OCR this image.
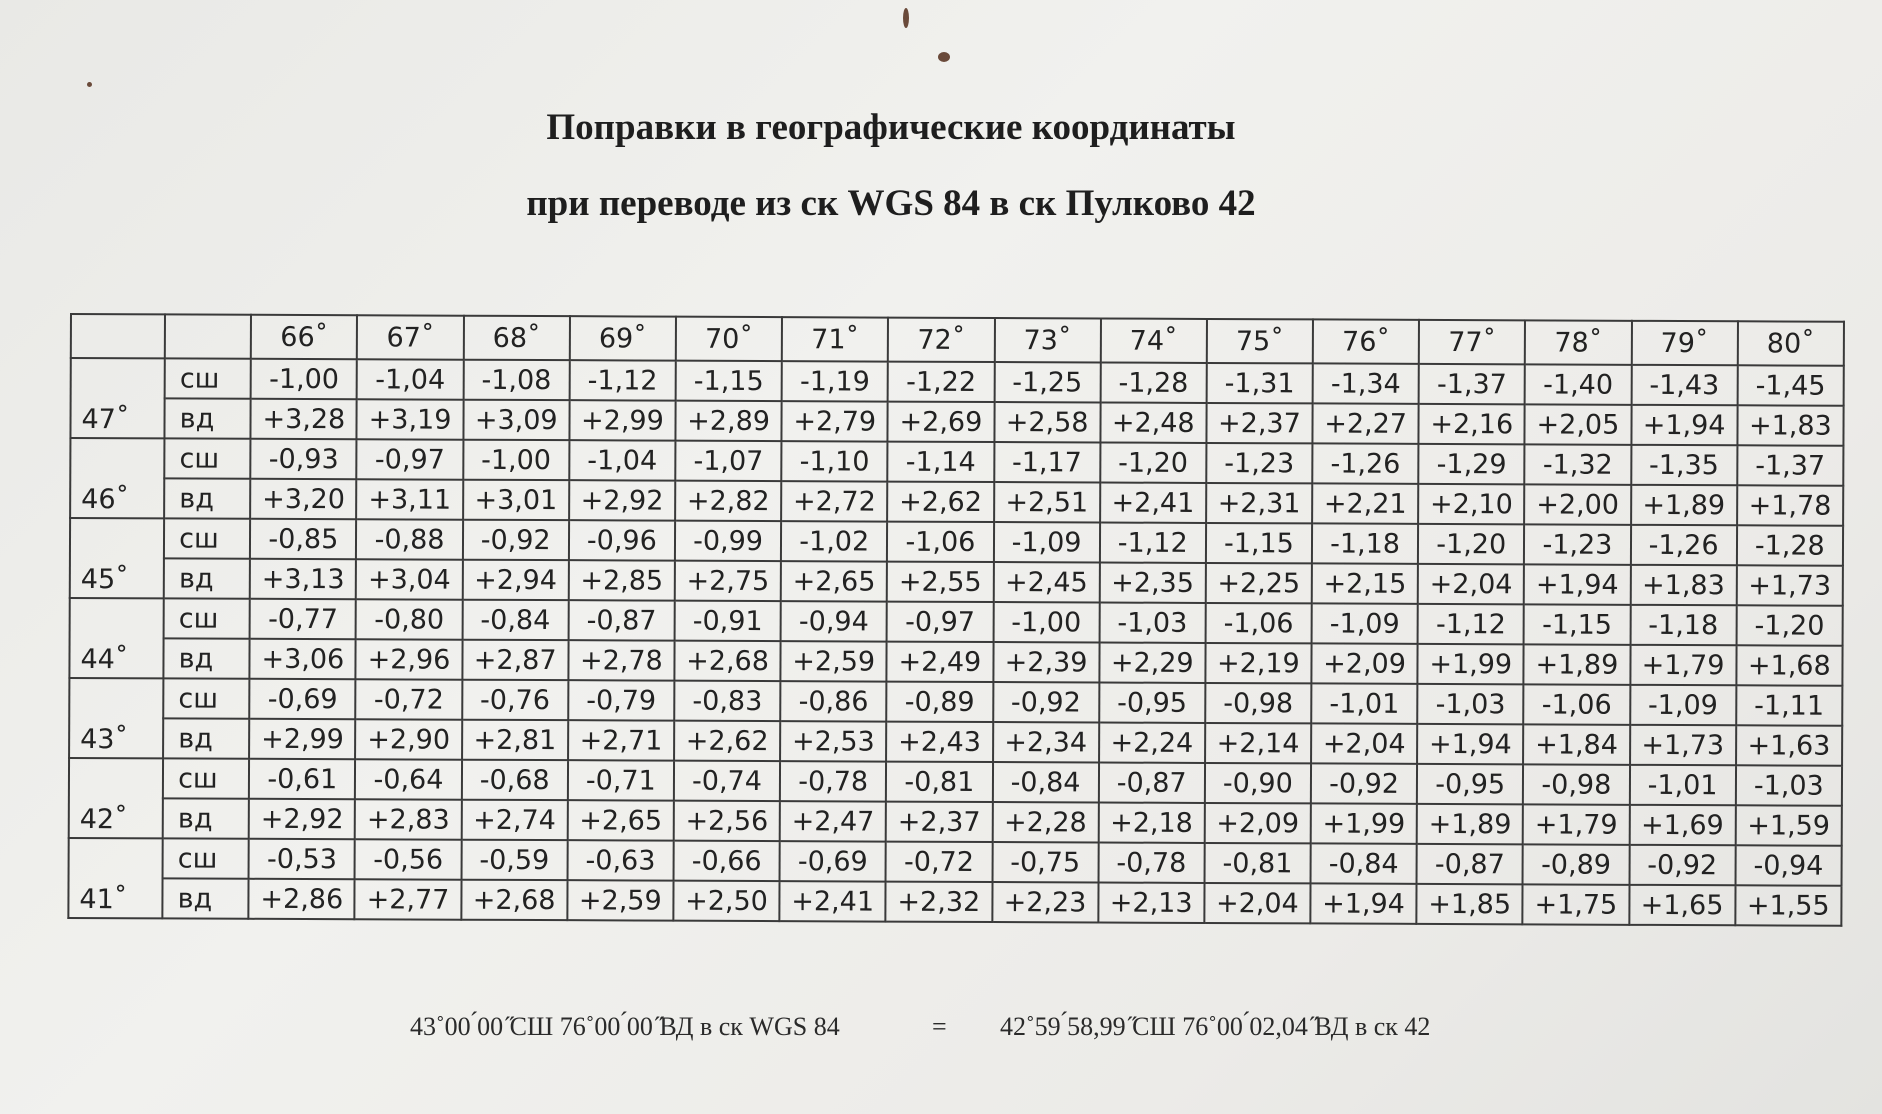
Поправки в географические координаты
при переводе из ск WGS 84 в ск Пулково 42
		66˚	67˚	68˚	69˚	70˚	71˚	72˚	73˚	74˚	75˚	76˚	77˚	78˚	79˚	80˚
47˚	сш	-1,00	-1,04	-1,08	-1,12	-1,15	-1,19	-1,22	-1,25	-1,28	-1,31	-1,34	-1,37	-1,40	-1,43	-1,45
	вд	+3,28	+3,19	+3,09	+2,99	+2,89	+2,79	+2,69	+2,58	+2,48	+2,37	+2,27	+2,16	+2,05	+1,94	+1,83
46˚	сш	-0,93	-0,97	-1,00	-1,04	-1,07	-1,10	-1,14	-1,17	-1,20	-1,23	-1,26	-1,29	-1,32	-1,35	-1,37
	вд	+3,20	+3,11	+3,01	+2,92	+2,82	+2,72	+2,62	+2,51	+2,41	+2,31	+2,21	+2,10	+2,00	+1,89	+1,78
45˚	сш	-0,85	-0,88	-0,92	-0,96	-0,99	-1,02	-1,06	-1,09	-1,12	-1,15	-1,18	-1,20	-1,23	-1,26	-1,28
	вд	+3,13	+3,04	+2,94	+2,85	+2,75	+2,65	+2,55	+2,45	+2,35	+2,25	+2,15	+2,04	+1,94	+1,83	+1,73
44˚	сш	-0,77	-0,80	-0,84	-0,87	-0,91	-0,94	-0,97	-1,00	-1,03	-1,06	-1,09	-1,12	-1,15	-1,18	-1,20
	вд	+3,06	+2,96	+2,87	+2,78	+2,68	+2,59	+2,49	+2,39	+2,29	+2,19	+2,09	+1,99	+1,89	+1,79	+1,68
43˚	сш	-0,69	-0,72	-0,76	-0,79	-0,83	-0,86	-0,89	-0,92	-0,95	-0,98	-1,01	-1,03	-1,06	-1,09	-1,11
	вд	+2,99	+2,90	+2,81	+2,71	+2,62	+2,53	+2,43	+2,34	+2,24	+2,14	+2,04	+1,94	+1,84	+1,73	+1,63
42˚	сш	-0,61	-0,64	-0,68	-0,71	-0,74	-0,78	-0,81	-0,84	-0,87	-0,90	-0,92	-0,95	-0,98	-1,01	-1,03
	вд	+2,92	+2,83	+2,74	+2,65	+2,56	+2,47	+2,37	+2,28	+2,18	+2,09	+1,99	+1,89	+1,79	+1,69	+1,59
41˚	сш	-0,53	-0,56	-0,59	-0,63	-0,66	-0,69	-0,72	-0,75	-0,78	-0,81	-0,84	-0,87	-0,89	-0,92	-0,94
	вд	+2,86	+2,77	+2,68	+2,59	+2,50	+2,41	+2,32	+2,23	+2,13	+2,04	+1,94	+1,85	+1,75	+1,65	+1,55
43˚00 ́00 ̋СШ 76˚00 ́00 ̋ВД в ск WGS 84	= 42˚59 ́58,99 ̋СШ 76˚00 ́02,04 ̋ВД в ск 42
